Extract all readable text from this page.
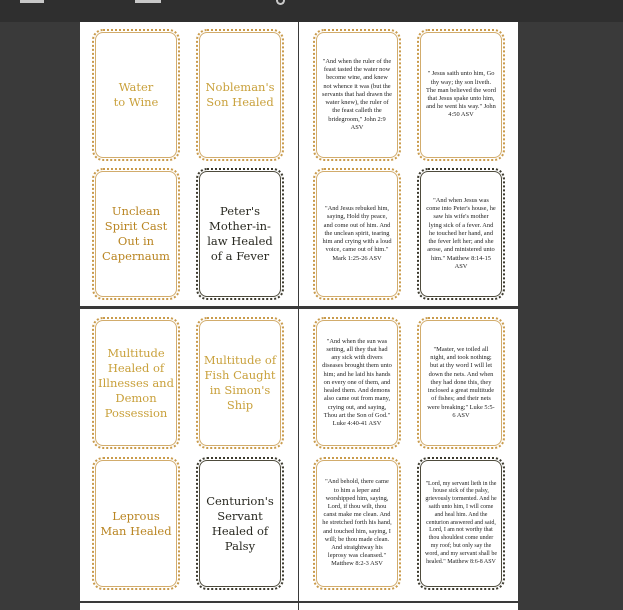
Water to Wine
Nobleman's Son Healed
Unclean Spirit Cast Out in Capernaum
Peter's Mother-in-law Healed of a Fever
"And when the ruler of the feast tasted the water now become wine, and knew not whence it was (but the servants that had drawn the water knew), the ruler of the feast calleth the bridegroom," John 2:9 ASV
" Jesus saith unto him, Go thy way; thy son liveth. The man believed the word that Jesus spake unto him, and he went his way." John 4:50 ASV
"And Jesus rebuked him, saying, Hold thy peace, and come out of him. And the unclean spirit, tearing him and crying with a loud voice, came out of him." Mark 1:25-26 ASV
"And when Jesus was come into Peter's house, he saw his wife's mother lying sick of a fever. And he touched her hand, and the fever left her; and she arose, and ministered unto him." Matthew 8:14-15 ASV
Multitude Healed of Illnesses and Demon Possession
Multitude of Fish Caught in Simon's Ship
Leprous Man Healed
Centurion's Servant Healed of Palsy
"And when the sun was setting, all they that had any sick with divers diseases brought them unto him; and he laid his hands on every one of them, and healed them. And demons also came out from many, crying out, and saying, Thou art the Son of God." Luke 4:40-41 ASV
"Master, we toiled all night, and took nothing; but at thy word I will let down the nets. And when they had done this, they inclosed a great multitude of fishes; and their nets were breaking;" Luke 5:5-6 ASV
"And behold, there came to him a leper and worshipped him, saying, Lord, if thou wilt, thou canst make me clean. And he stretched forth his hand, and touched him, saying, I will; be thou made clean. And straightway his leprosy was cleansed." Matthew 8:2-3 ASV
"Lord, my servant lieth in the house sick of the palsy, grievously tormented. And he saith unto him, I will come and heal him. And the centurion answered and said, Lord, I am not worthy that thou shouldest come under my roof; but only say the word, and my servant shall be healed." Matthew 8:6-8 ASV
